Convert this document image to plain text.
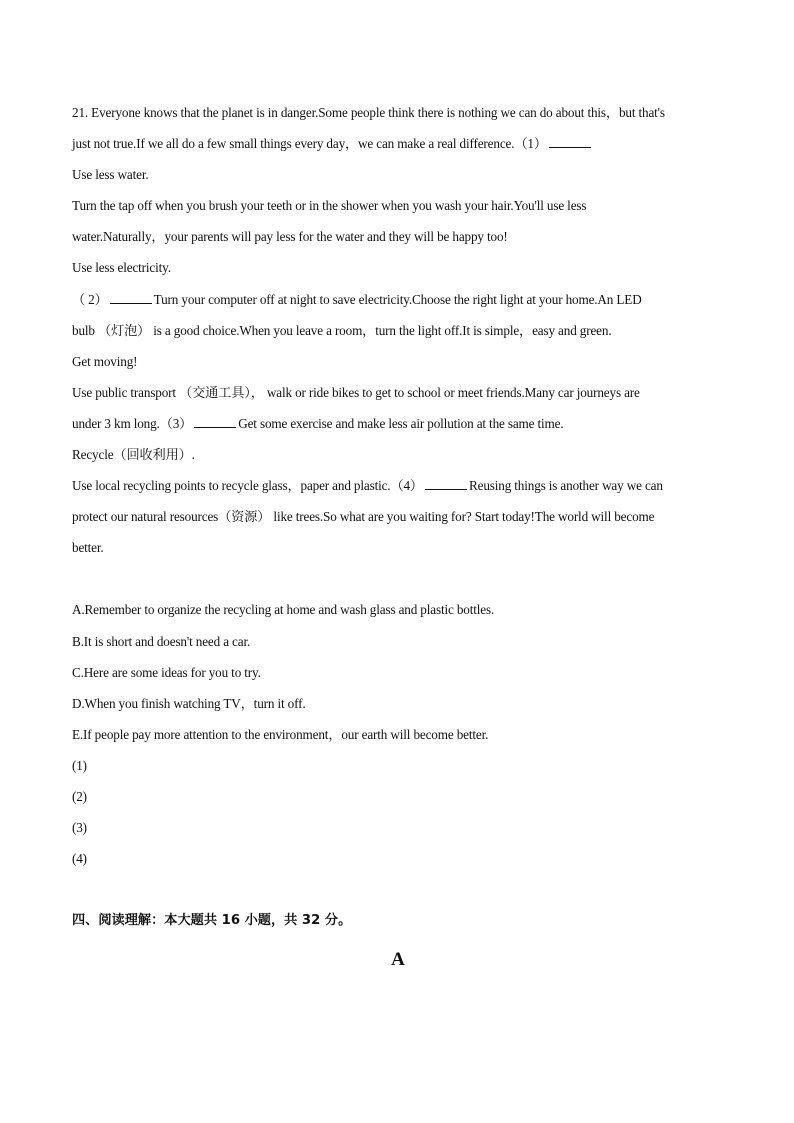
21. Everyone knows that the planet is in danger.Some people think there is nothing we can do about this，but that's
just not true.If we all do a few small things every day，we can make a real difference.（1）
Use less water.
Turn the tap off when you brush your teeth or in the shower when you wash your hair.You'll use less
water.Naturally，your parents will pay less for the water and they will be happy too!
Use less electricity.
（ 2）	Turn your computer off at night to save electricity.Choose the right light at your home.An LED
bulb （灯泡） is a good choice.When you leave a room，turn the light off.It is simple，easy and green.
Get moving!
Use public transport （交通工具）， walk or ride bikes to get to school or meet friends.Many car journeys are
under 3 km long.（3）	Get some exercise and make less air pollution at the same time.
Recycle（回收利用）.
Use local recycling points to recycle glass，paper and plastic.（4）	Reusing things is another way we can
protect our natural resources（资源） like trees.So what are you waiting for? Start today!The world will become
better.
A.Remember to organize the recycling at home and wash glass and plastic bottles.
B.It is short and doesn't need a car.
C.Here are some ideas for you to try.
D.When you finish watching TV，turn it off.
E.If people pay more attention to the environment，our earth will become better.
(1)
(2)
(3)
(4)
四、阅读理解：本大题共 16 小题，共 32 分。
A
